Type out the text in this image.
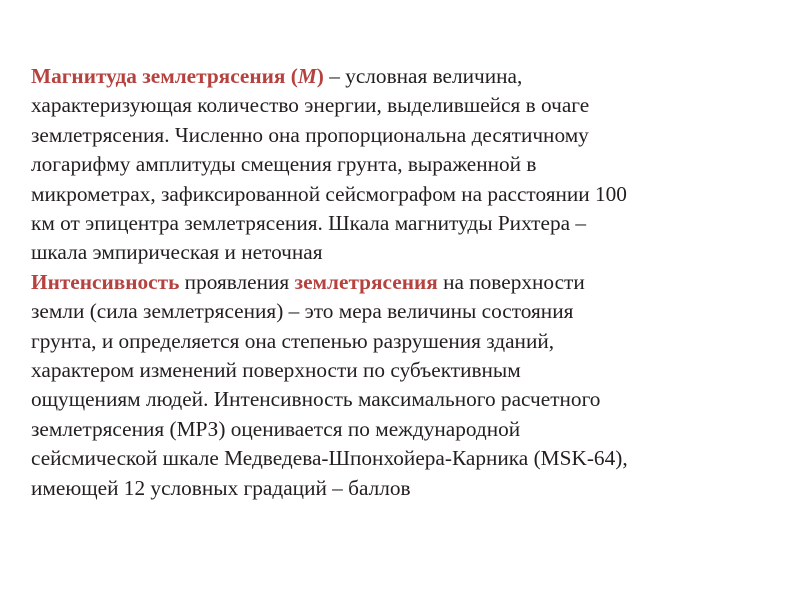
Магнитуда землетрясения (M) – условная величина,
характеризующая количество энергии, выделившейся в очаге
землетрясения. Численно она пропорциональна десятичному
логарифму амплитуды смещения грунта, выраженной в
микрометрах, зафиксированной сейсмографом на расстоянии 100
км от эпицентра землетрясения. Шкала магнитуды Рихтера –
шкала эмпирическая и неточная
Интенсивность проявления землетрясения на поверхности
земли (сила землетрясения) – это мера величины состояния
грунта, и определяется она степенью разрушения зданий,
характером изменений поверхности по субъективным
ощущениям людей. Интенсивность максимального расчетного
землетрясения (МРЗ) оценивается по международной
сейсмической шкале Медведева-Шпонхойера-Карника (MSK-64),
имеющей 12 условных градаций – баллов
